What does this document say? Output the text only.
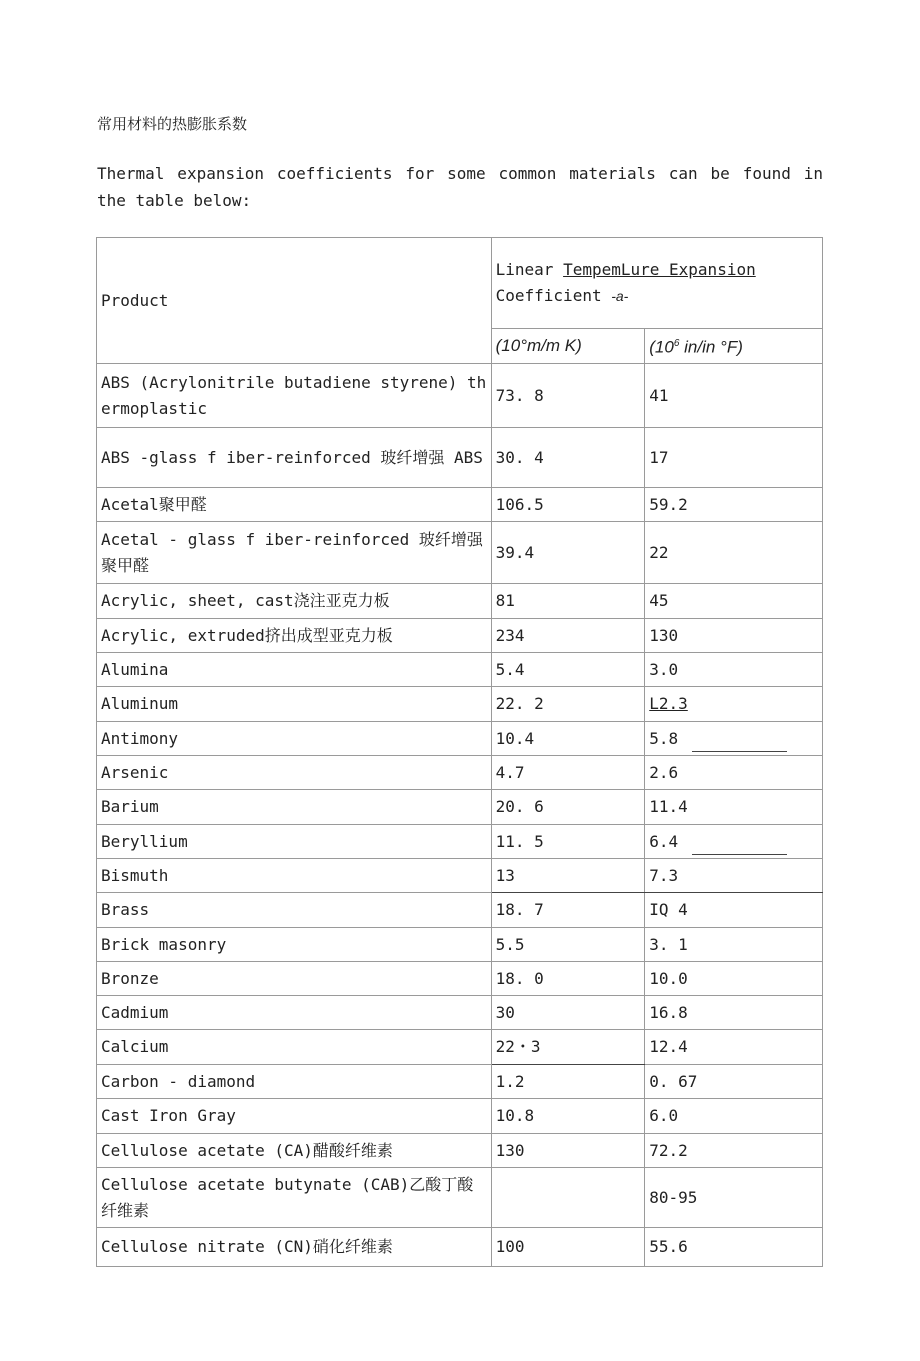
常用材料的热膨胀系数
Thermal expansion coefficients for some common materials can be found in the table below:
Product	Linear TempemLure Expansion
Coefficient -a-	
	(10°m/m K)	($10^6$ in/in °F)
ABS (Acrylonitrile butadiene styrene) thermoplastic	73. 8	41
ABS -glass f iber-reinforced 玻纤增强 ABS	30. 4	17
Acetal聚甲醛	106.5	59.2
Acetal - glass f iber-reinforced 玻纤增强聚甲醛	39.4	22
Acrylic, sheet, cast浇注亚克力板	81	45
Acrylic, extruded挤出成型亚克力板	234	130
Alumina	5.4	3.0
Aluminum	22. 2	L2.3
Antimony	10.4	5.8
Arsenic	4.7	2.6
Barium	20. 6	11.4
Beryllium	11. 5	6.4
Bismuth	13	7.3
Brass	18. 7	IQ 4
Brick masonry	5.5	3. 1
Bronze	18. 0	10.0
Cadmium	30	16.8
Calcium	22・3	12.4
Carbon - diamond	1.2	0. 67
Cast Iron Gray	10.8	6.0
Cellulose acetate (CA)醋酸纤维素	130	72.2
Cellulose acetate butynate (CAB)乙酸丁酸纤维素		80-95
Cellulose nitrate (CN)硝化纤维素	100	55.6
